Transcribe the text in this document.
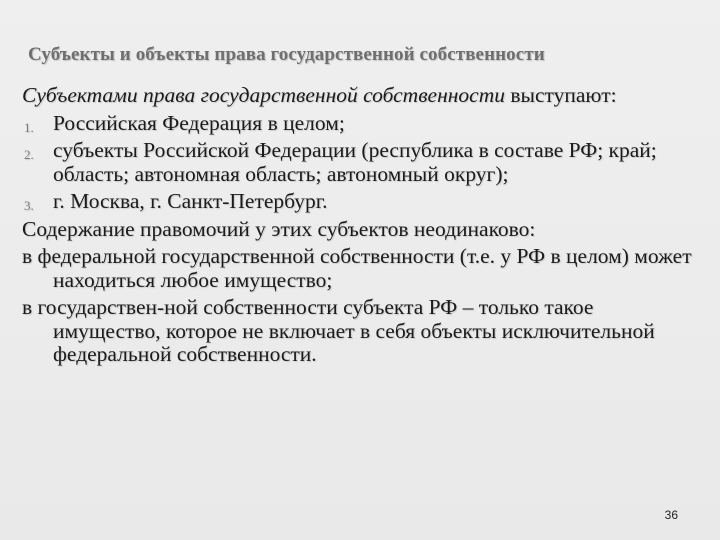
Субъекты и объекты права государственной собственности
Субъектами права государственной собственности выступают:
1. Российская Федерация в целом;
2. субъекты Российской Федерации (республика в составе РФ; край; область; автономная область; автономный округ);
3. г. Москва, г. Санкт-Петербург.
Содержание правомочий у этих субъектов неодинаково:
в федеральной государственной собственности (т.е. у РФ в целом) может находиться любое имущество;
в государствен-ной собственности субъекта РФ – только такое имущество, которое не включает в себя объекты исключительной федеральной собственности.
36
